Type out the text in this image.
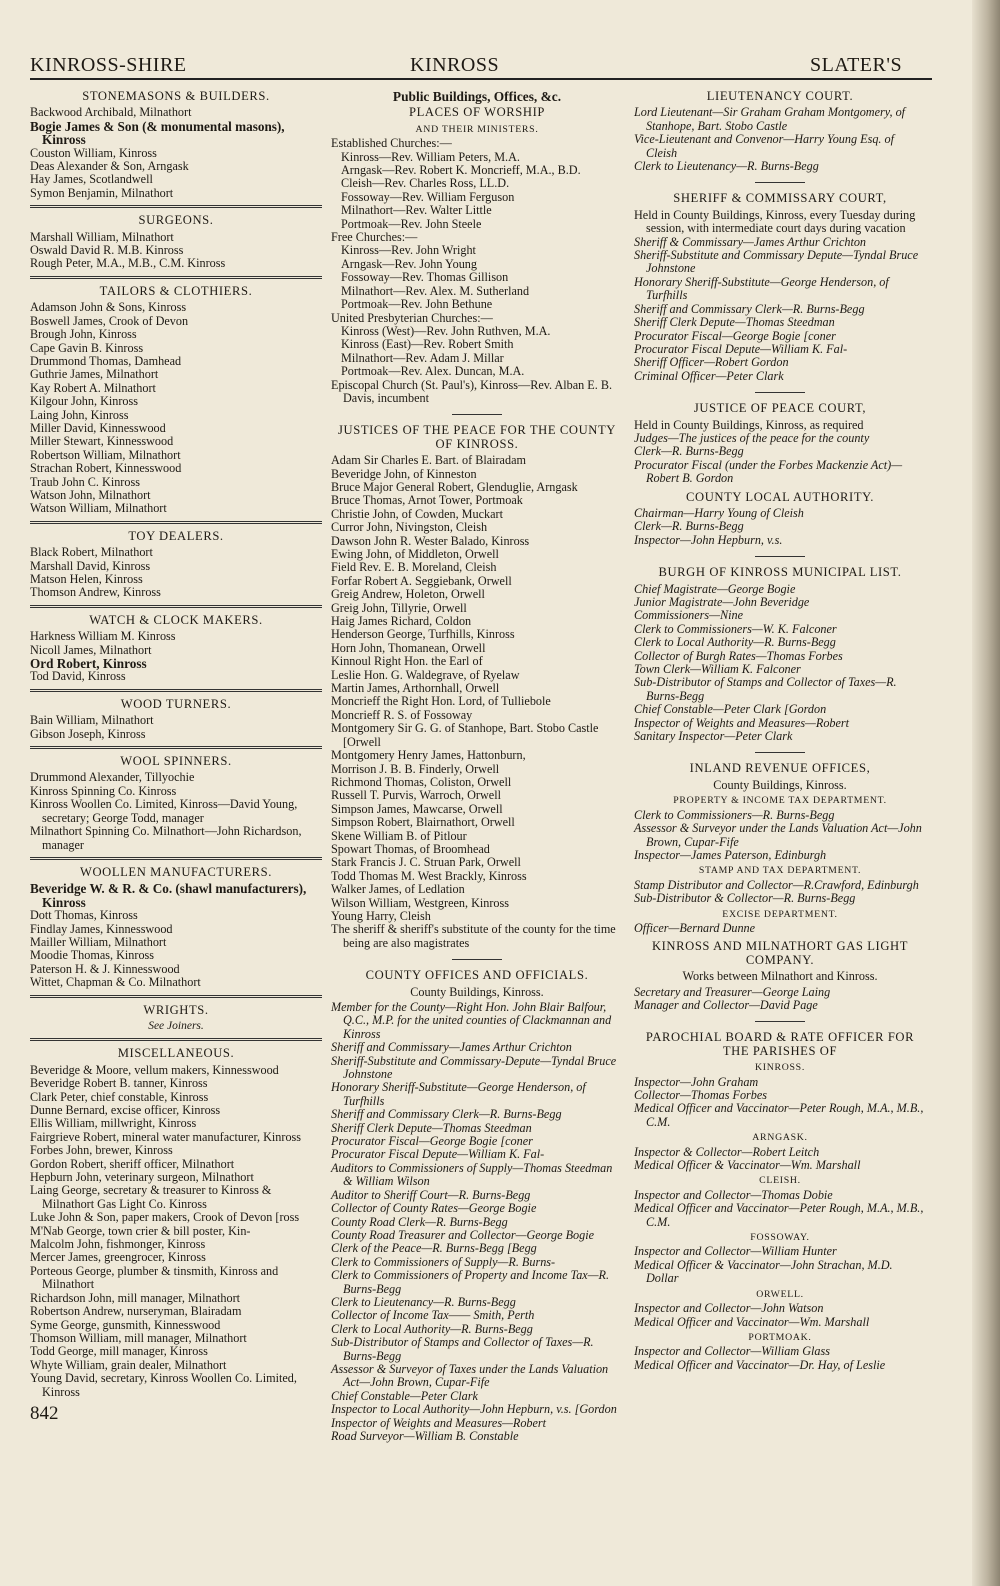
KINROSS-SHIRE	KINROSS	SLATER'S
STONEMASONS & BUILDERS.
Backwood Archibald, Milnathort
Bogie James & Son (& monumental masons), Kinross
Couston William, Kinross
Deas Alexander & Son, Arngask
Hay James, Scotlandwell
Symon Benjamin, Milnathort
SURGEONS.
Marshall William, Milnathort
Oswald David R. M.B. Kinross
Rough Peter, M.A., M.B., C.M. Kinross
TAILORS & CLOTHIERS.
Adamson John & Sons, Kinross
Boswell James, Crook of Devon
Brough John, Kinross
Cape Gavin B. Kinross
Drummond Thomas, Damhead
Guthrie James, Milnathort
Kay Robert A. Milnathort
Kilgour John, Kinross
Laing John, Kinross
Miller David, Kinnesswood
Miller Stewart, Kinnesswood
Robertson William, Milnathort
Strachan Robert, Kinnesswood
Traub John C. Kinross
Watson John, Milnathort
Watson William, Milnathort
TOY DEALERS.
Black Robert, Milnathort
Marshall David, Kinross
Matson Helen, Kinross
Thomson Andrew, Kinross
WATCH & CLOCK MAKERS.
Harkness William M. Kinross
Nicoll James, Milnathort
Ord Robert, Kinross
Tod David, Kinross
WOOD TURNERS.
Bain William, Milnathort
Gibson Joseph, Kinross
WOOL SPINNERS.
Drummond Alexander, Tillyochie
Kinross Spinning Co. Kinross
Kinross Woollen Co. Limited, Kinross—David Young, secretary; George Todd, manager
Milnathort Spinning Co. Milnathort—John Richardson, manager
WOOLLEN MANUFACTURERS.
Beveridge W. & R. & Co. (shawl manufacturers), Kinross
Dott Thomas, Kinross
Findlay James, Kinnesswood
Mailler William, Milnathort
Moodie Thomas, Kinross
Paterson H. & J. Kinnesswood
Wittet, Chapman & Co. Milnathort
WRIGHTS.
See Joiners.
MISCELLANEOUS.
Beveridge & Moore, vellum makers, Kinnesswood
Beveridge Robert B. tanner, Kinross
Clark Peter, chief constable, Kinross
Dunne Bernard, excise officer, Kinross
Ellis William, millwright, Kinross
Fairgrieve Robert, mineral water manufacturer, Kinross
Forbes John, brewer, Kinross
Gordon Robert, sheriff officer, Milnathort
Hepburn John, veterinary surgeon, Milnathort
Laing George, secretary & treasurer to Kinross & Milnathort Gas Light Co. Kinross
Luke John & Son, paper makers, Crook of Devon [ross
M'Nab George, town crier & bill poster, Kin-
Malcolm John, fishmonger, Kinross
Mercer James, greengrocer, Kinross
Porteous George, plumber & tinsmith, Kinross and Milnathort
Richardson John, mill manager, Milnathort
Robertson Andrew, nurseryman, Blairadam
Syme George, gunsmith, Kinnesswood
Thomson William, mill manager, Milnathort
Todd George, mill manager, Kinross
Whyte William, grain dealer, Milnathort
Young David, secretary, Kinross Woollen Co. Limited, Kinross
842
Public Buildings, Offices, &c.
PLACES OF WORSHIP
AND THEIR MINISTERS.
Established Churches:—
Kinross—Rev. William Peters, M.A.
Arngask—Rev. Robert K. Moncrieff, M.A., B.D.
Cleish—Rev. Charles Ross, LL.D.
Fossoway—Rev. William Ferguson
Milnathort—Rev. Walter Little
Portmoak—Rev. John Steele
Free Churches:—
Kinross—Rev. John Wright
Arngask—Rev. John Young
Fossoway—Rev. Thomas Gillison
Milnathort—Rev. Alex. M. Sutherland
Portmoak—Rev. John Bethune
United Presbyterian Churches:—
Kinross (West)—Rev. John Ruthven, M.A.
Kinross (East)—Rev. Robert Smith
Milnathort—Rev. Adam J. Millar
Portmoak—Rev. Alex. Duncan, M.A.
Episcopal Church (St. Paul's), Kinross—Rev. Alban E. B. Davis, incumbent
JUSTICES OF THE PEACE FOR THE COUNTY OF KINROSS.
Adam Sir Charles E. Bart. of Blairadam
Beveridge John, of Kinneston
Bruce Major General Robert, Glenduglie, Arngask
Bruce Thomas, Arnot Tower, Portmoak
Christie John, of Cowden, Muckart
Curror John, Nivingston, Cleish
Dawson John R. Wester Balado, Kinross
Ewing John, of Middleton, Orwell
Field Rev. E. B. Moreland, Cleish
Forfar Robert A. Seggiebank, Orwell
Greig Andrew, Holeton, Orwell
Greig John, Tillyrie, Orwell
Haig James Richard, Coldon
Henderson George, Turfhills, Kinross
Horn John, Thomanean, Orwell
Kinnoul Right Hon. the Earl of
Leslie Hon. G. Waldegrave, of Ryelaw
Martin James, Arthornhall, Orwell
Moncrieff the Right Hon. Lord, of Tulliebole
Moncrieff R. S. of Fossoway
Montgomery Sir G. G. of Stanhope, Bart. Stobo Castle [Orwell
Montgomery Henry James, Hattonburn,
Morrison J. B. B. Finderly, Orwell
Richmond Thomas, Coliston, Orwell
Russell T. Purvis, Warroch, Orwell
Simpson James, Mawcarse, Orwell
Simpson Robert, Blairnathort, Orwell
Skene William B. of Pitlour
Spowart Thomas, of Broomhead
Stark Francis J. C. Struan Park, Orwell
Todd Thomas M. West Brackly, Kinross
Walker James, of Ledlation
Wilson William, Westgreen, Kinross
Young Harry, Cleish
The sheriff & sheriff's substitute of the county for the time being are also magistrates
COUNTY OFFICES AND OFFICIALS.
County Buildings, Kinross.
Member for the County—Right Hon. John Blair Balfour, Q.C., M.P. for the united counties of Clackmannan and Kinross
Sheriff and Commissary—James Arthur Crichton
Sheriff-Substitute and Commissary-Depute—Tyndal Bruce Johnstone
Honorary Sheriff-Substitute—George Henderson, of Turfhills
Sheriff and Commissary Clerk—R. Burns-Begg
Sheriff Clerk Depute—Thomas Steedman
Procurator Fiscal—George Bogie [coner
Procurator Fiscal Depute—William K. Fal-
Auditors to Commissioners of Supply—Thomas Steedman & William Wilson
Auditor to Sheriff Court—R. Burns-Begg
Collector of County Rates—George Bogie
County Road Clerk—R. Burns-Begg
County Road Treasurer and Collector—George Bogie
Clerk of the Peace—R. Burns-Begg [Begg
Clerk to Commissioners of Supply—R. Burns-
Clerk to Commissioners of Property and Income Tax—R. Burns-Begg
Clerk to Lieutenancy—R. Burns-Begg
Collector of Income Tax—— Smith, Perth
Clerk to Local Authority—R. Burns-Begg
Sub-Distributor of Stamps and Collector of Taxes—R. Burns-Begg
Assessor & Surveyor of Taxes under the Lands Valuation Act—John Brown, Cupar-Fife
Chief Constable—Peter Clark
Inspector to Local Authority—John Hepburn, v.s. [Gordon
Inspector of Weights and Measures—Robert
Road Surveyor—William B. Constable
LIEUTENANCY COURT.
Lord Lieutenant—Sir Graham Graham Montgomery, of Stanhope, Bart. Stobo Castle
Vice-Lieutenant and Convenor—Harry Young Esq. of Cleish
Clerk to Lieutenancy—R. Burns-Begg
SHERIFF & COMMISSARY COURT,
Held in County Buildings, Kinross, every Tuesday during session, with intermediate court days during vacation
Sheriff & Commissary—James Arthur Crichton
Sheriff-Substitute and Commissary Depute—Tyndal Bruce Johnstone
Honorary Sheriff-Substitute—George Henderson, of Turfhills
Sheriff and Commissary Clerk—R. Burns-Begg
Sheriff Clerk Depute—Thomas Steedman
Procurator Fiscal—George Bogie [coner
Procurator Fiscal Depute—William K. Fal-
Sheriff Officer—Robert Gordon
Criminal Officer—Peter Clark
JUSTICE OF PEACE COURT,
Held in County Buildings, Kinross, as required
Judges—The justices of the peace for the county
Clerk—R. Burns-Begg
Procurator Fiscal (under the Forbes Mackenzie Act)—Robert B. Gordon
COUNTY LOCAL AUTHORITY.
Chairman—Harry Young of Cleish
Clerk—R. Burns-Begg
Inspector—John Hepburn, v.s.
BURGH OF KINROSS MUNICIPAL LIST.
Chief Magistrate—George Bogie
Junior Magistrate—John Beveridge
Commissioners—Nine
Clerk to Commissioners—W. K. Falconer
Clerk to Local Authority—R. Burns-Begg
Collector of Burgh Rates—Thomas Forbes
Town Clerk—William K. Falconer
Sub-Distributor of Stamps and Collector of Taxes—R. Burns-Begg
Chief Constable—Peter Clark [Gordon
Inspector of Weights and Measures—Robert
Sanitary Inspector—Peter Clark
INLAND REVENUE OFFICES,
County Buildings, Kinross.
PROPERTY & INCOME TAX DEPARTMENT.
Clerk to Commissioners—R. Burns-Begg
Assessor & Surveyor under the Lands Valuation Act—John Brown, Cupar-Fife
Inspector—James Paterson, Edinburgh
STAMP AND TAX DEPARTMENT.
Stamp Distributor and Collector—R.Crawford, Edinburgh
Sub-Distributor & Collector—R. Burns-Begg
EXCISE DEPARTMENT.
Officer—Bernard Dunne
KINROSS AND MILNATHORT GAS LIGHT COMPANY.
Works between Milnathort and Kinross.
Secretary and Treasurer—George Laing
Manager and Collector—David Page
PAROCHIAL BOARD & RATE OFFICER FOR THE PARISHES OF
KINROSS.
Inspector—John Graham
Collector—Thomas Forbes
Medical Officer and Vaccinator—Peter Rough, M.A., M.B., C.M.
ARNGASK.
Inspector & Collector—Robert Leitch
Medical Officer & Vaccinator—Wm. Marshall
CLEISH.
Inspector and Collector—Thomas Dobie
Medical Officer and Vaccinator—Peter Rough, M.A., M.B., C.M.
FOSSOWAY.
Inspector and Collector—William Hunter
Medical Officer & Vaccinator—John Strachan, M.D. Dollar
ORWELL.
Inspector and Collector—John Watson
Medical Officer and Vaccinator—Wm. Marshall
PORTMOAK.
Inspector and Collector—William Glass
Medical Officer and Vaccinator—Dr. Hay, of Leslie
